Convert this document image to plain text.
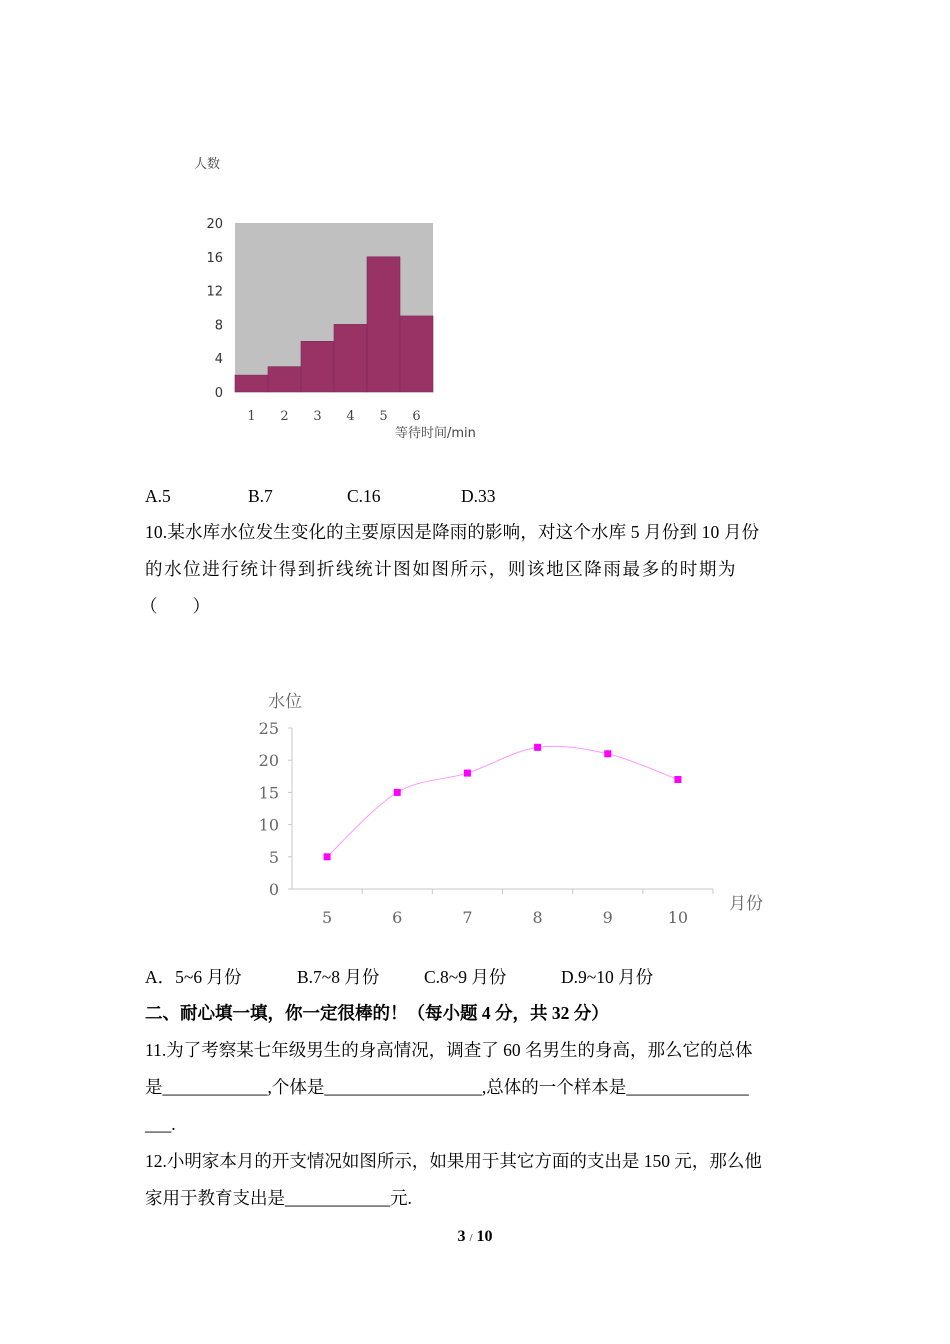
人数
0
4
8
12
16
20
1 2 3 4 5 6
等待时间/min
A.5	B.7	C.16	D.33
10.某水库水位发生变化的主要原因是降雨的影响，对这个水库 5 月份到 10 月份
的水位进行统计得到折线统计图如图所示，则该地区降雨最多的时期为
（　　）
水位
0
5
10
15
20
25
5	6	7	8	9	10
月份
A．5~6 月份	B.7~8 月份	C.8~9 月份	D.9~10 月份
二、耐心填一填，你一定很棒的！（每小题 4 分，共 32 分）
11.为了考察某七年级男生的身高情况，调查了 60 名男生的身高，那么它的总体
是____________,个体是__________________,总体的一个样本是______________
___.
12.小明家本月的开支情况如图所示，如果用于其它方面的支出是 150 元，那么他
家用于教育支出是____________元.
3 / 10
